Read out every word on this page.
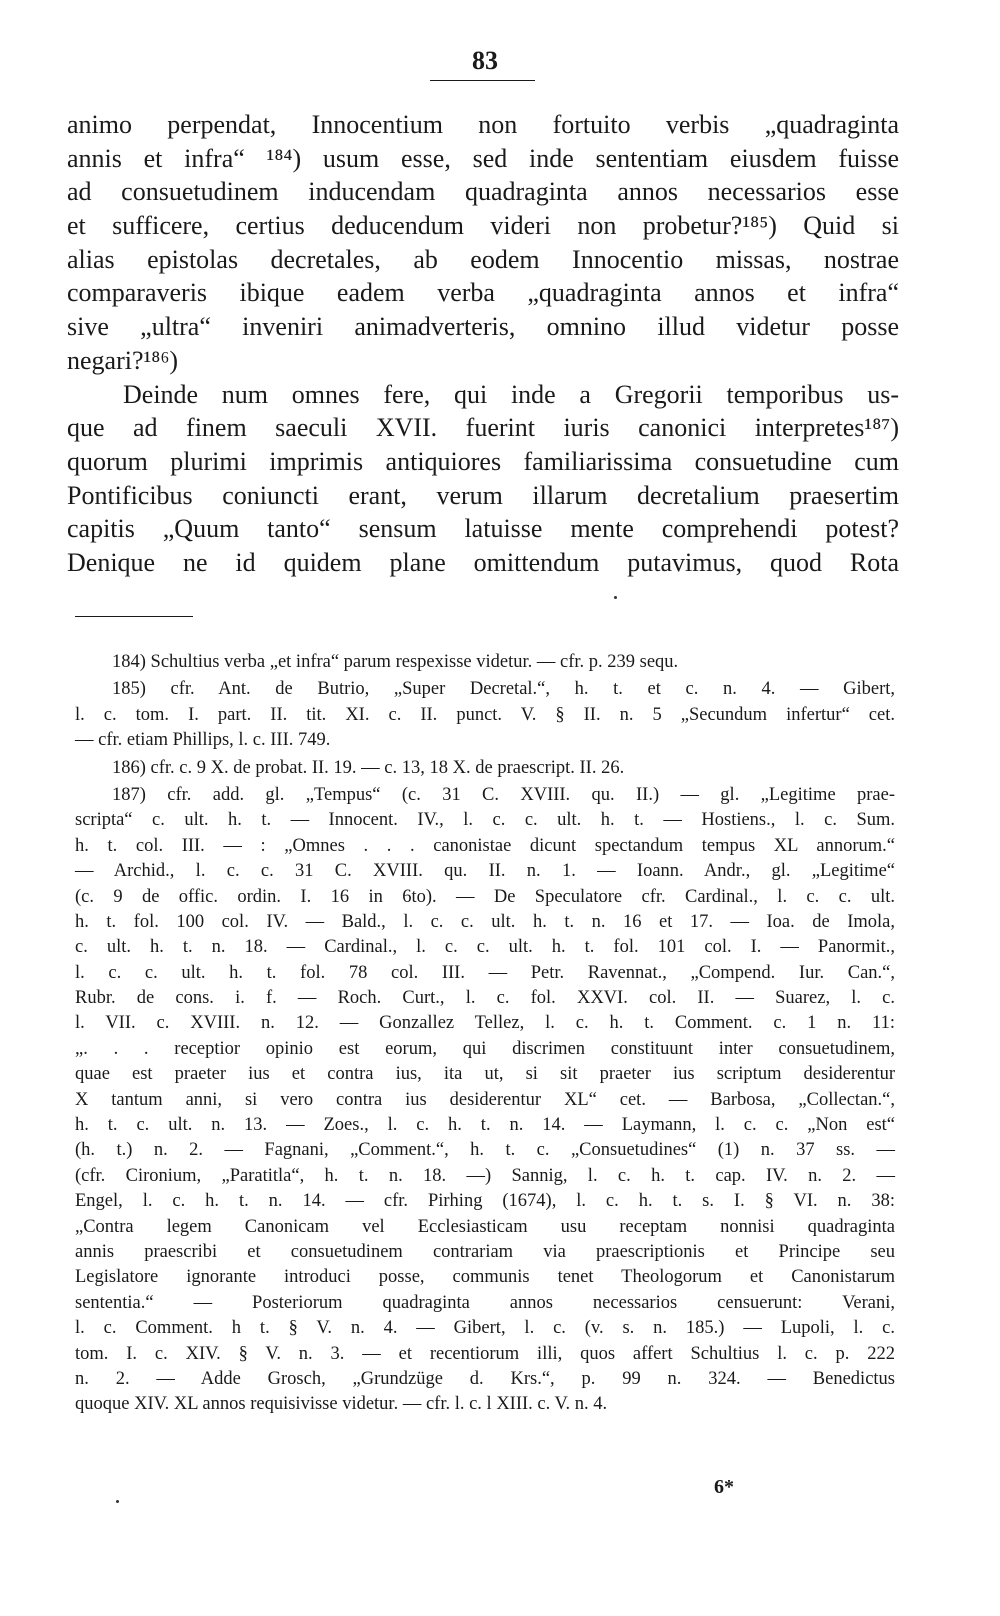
83
animo perpendat, Innocentium non fortuito verbis „quadraginta
annis et infra“ ¹⁸⁴) usum esse, sed inde sententiam eiusdem fuisse
ad consuetudinem inducendam quadraginta annos necessarios esse
et sufficere, certius deducendum videri non probetur?¹⁸⁵) Quid si
alias epistolas decretales, ab eodem Innocentio missas, nostrae
comparaveris ibique eadem verba „quadraginta annos et infra“
sive „ultra“ inveniri animadverteris, omnino illud videtur posse
negari?¹⁸⁶)
Deinde num omnes fere, qui inde a Gregorii temporibus us-
que ad finem saeculi XVII. fuerint iuris canonici interpretes¹⁸⁷)
quorum plurimi imprimis antiquiores familiarissima consuetudine cum
Pontificibus coniuncti erant, verum illarum decretalium praesertim
capitis „Quum tanto“ sensum latuisse mente comprehendi potest?
Denique ne id quidem plane omittendum putavimus, quod Rota
184) Schultius verba „et infra“ parum respexisse videtur. — cfr. p. 239 sequ.
185) cfr. Ant. de Butrio, „Super Decretal.“, h. t. et c. n. 4. — Gibert,
l. c. tom. I. part. II. tit. XI. c. II. punct. V. § II. n. 5 „Secundum infertur“ cet.
— cfr. etiam Phillips, l. c. III. 749.
186) cfr. c. 9 X. de probat. II. 19. — c. 13, 18 X. de praescript. II. 26.
187) cfr. add. gl. „Tempus“ (c. 31 C. XVIII. qu. II.) — gl. „Legitime prae-
scripta“ c. ult. h. t. — Innocent. IV., l. c. c. ult. h. t. — Hostiens., l. c. Sum.
h. t. col. III. — : „Omnes . . . canonistae dicunt spectandum tempus XL annorum.“
— Archid., l. c. c. 31 C. XVIII. qu. II. n. 1. — Ioann. Andr., gl. „Legitime“
(c. 9 de offic. ordin. I. 16 in 6to). — De Speculatore cfr. Cardinal., l. c. c. ult.
h. t. fol. 100 col. IV. — Bald., l. c. c. ult. h. t. n. 16 et 17. — Ioa. de Imola,
c. ult. h. t. n. 18. — Cardinal., l. c. c. ult. h. t. fol. 101 col. I. — Panormit.,
l. c. c. ult. h. t. fol. 78 col. III. — Petr. Ravennat., „Compend. Iur. Can.“,
Rubr. de cons. i. f. — Roch. Curt., l. c. fol. XXVI. col. II. — Suarez, l. c.
l. VII. c. XVIII. n. 12. — Gonzallez Tellez, l. c. h. t. Comment. c. 1 n. 11:
„. . . receptior opinio est eorum, qui discrimen constituunt inter consuetudinem,
quae est praeter ius et contra ius, ita ut, si sit praeter ius scriptum desiderentur
X tantum anni, si vero contra ius desiderentur XL“ cet. — Barbosa, „Collectan.“,
h. t. c. ult. n. 13. — Zoes., l. c. h. t. n. 14. — Laymann, l. c. c. „Non est“
(h. t.) n. 2. — Fagnani, „Comment.“, h. t. c. „Consuetudines“ (1) n. 37 ss. —
(cfr. Cironium, „Paratitla“, h. t. n. 18. —) Sannig, l. c. h. t. cap. IV. n. 2. —
Engel, l. c. h. t. n. 14. — cfr. Pirhing (1674), l. c. h. t. s. I. § VI. n. 38:
„Contra legem Canonicam vel Ecclesiasticam usu receptam nonnisi quadraginta
annis praescribi et consuetudinem contrariam via praescriptionis et Principe seu
Legislatore ignorante introduci posse, communis tenet Theologorum et Canonistarum
sententia.“ — Posteriorum quadraginta annos necessarios censuerunt: Verani,
l. c. Comment. h t. § V. n. 4. — Gibert, l. c. (v. s. n. 185.) — Lupoli, l. c.
tom. I. c. XIV. § V. n. 3. — et recentiorum illi, quos affert Schultius l. c. p. 222
n. 2. — Adde Grosch, „Grundzüge d. Krs.“, p. 99 n. 324. — Benedictus
quoque XIV. XL annos requisivisse videtur. — cfr. l. c. l XIII. c. V. n. 4.
6*
